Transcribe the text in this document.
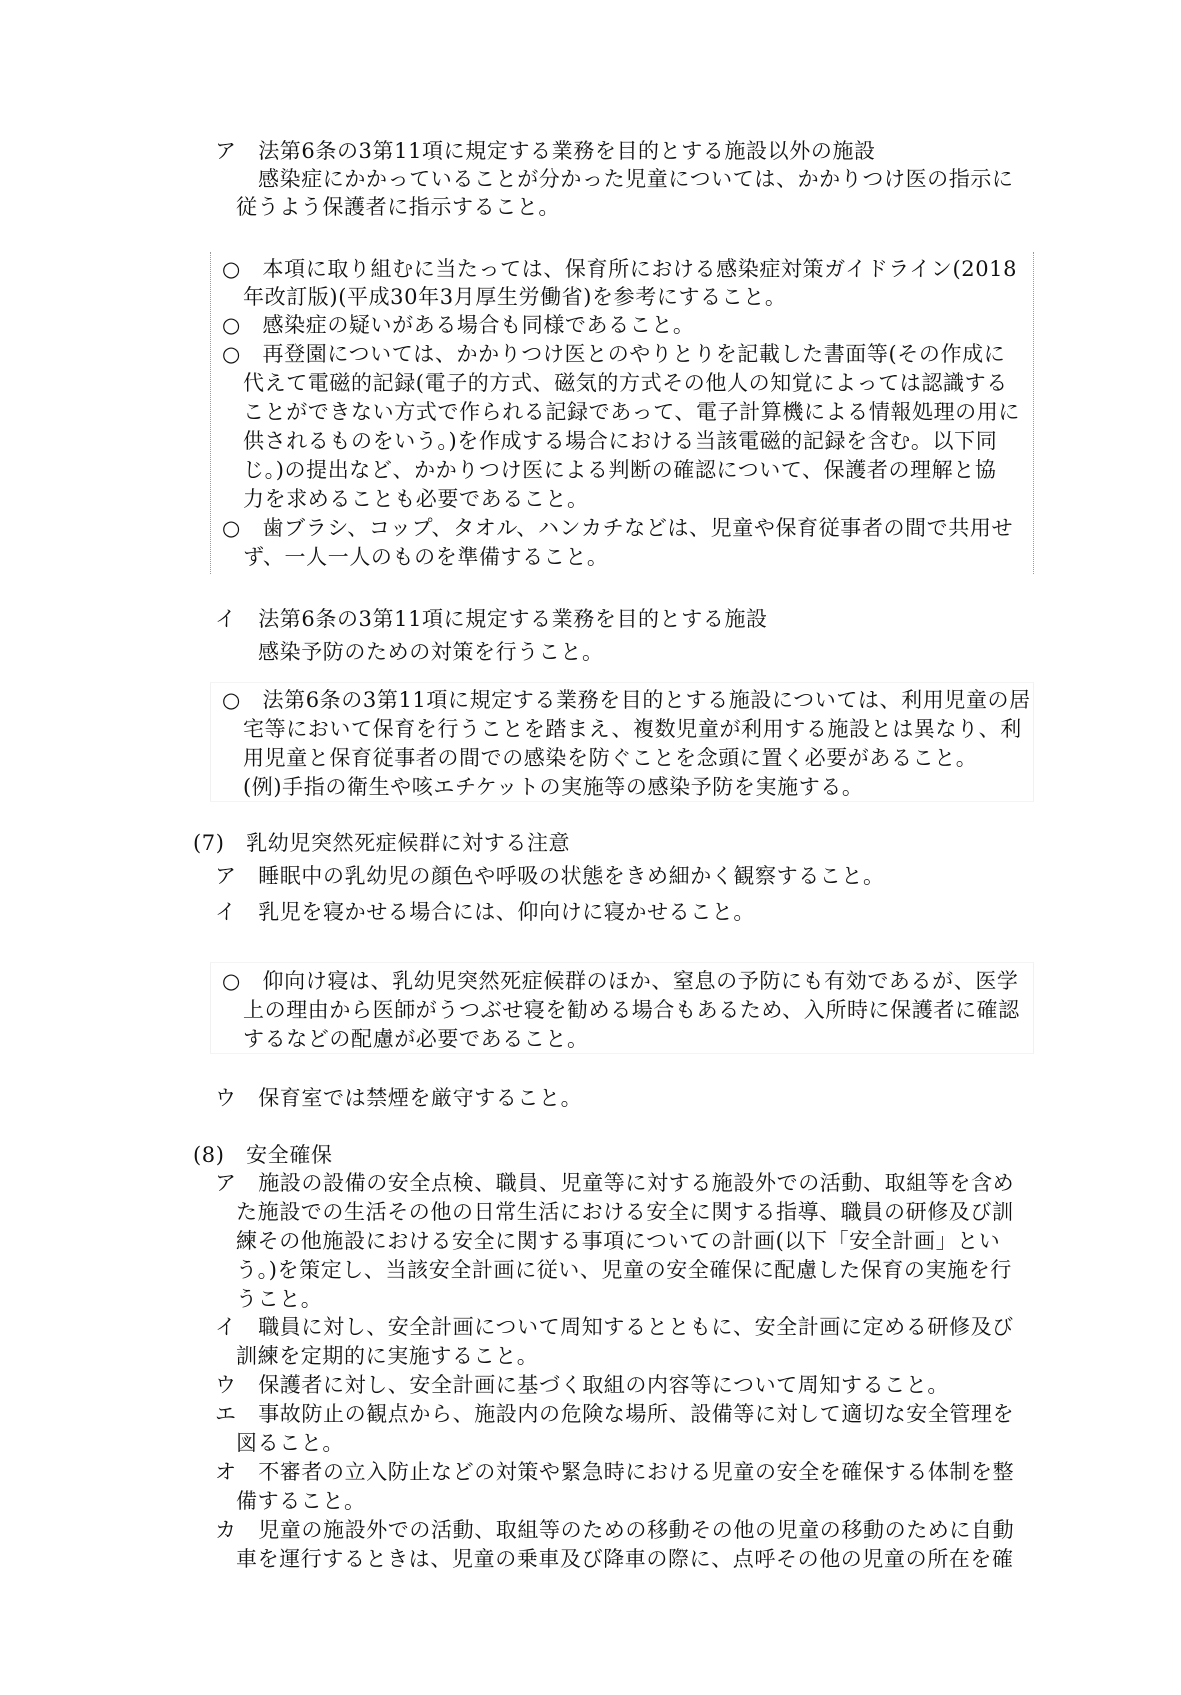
ア　法第6条の3第11項に規定する業務を目的とする施設以外の施設
感染症にかかっていることが分かった児童については、かかりつけ医の指示に
従うよう保護者に指示すること。
○　本項に取り組むに当たっては、保育所における感染症対策ガイドライン(2018
年改訂版)(平成30年3月厚生労働省)を参考にすること。
○　感染症の疑いがある場合も同様であること。
○　再登園については、かかりつけ医とのやりとりを記載した書面等(その作成に
代えて電磁的記録(電子的方式、磁気的方式その他人の知覚によっては認識する
ことができない方式で作られる記録であって、電子計算機による情報処理の用に
供されるものをいう。)を作成する場合における当該電磁的記録を含む。以下同
じ。)の提出など、かかりつけ医による判断の確認について、保護者の理解と協
力を求めることも必要であること。
○　歯ブラシ、コップ、タオル、ハンカチなどは、児童や保育従事者の間で共用せ
ず、一人一人のものを準備すること。
イ　法第6条の3第11項に規定する業務を目的とする施設
感染予防のための対策を行うこと。
○　法第6条の3第11項に規定する業務を目的とする施設については、利用児童の居
宅等において保育を行うことを踏まえ、複数児童が利用する施設とは異なり、利
用児童と保育従事者の間での感染を防ぐことを念頭に置く必要があること。
(例)手指の衛生や咳エチケットの実施等の感染予防を実施する。
(7)　乳幼児突然死症候群に対する注意
ア　睡眠中の乳幼児の顔色や呼吸の状態をきめ細かく観察すること。
イ　乳児を寝かせる場合には、仰向けに寝かせること。
○　仰向け寝は、乳幼児突然死症候群のほか、窒息の予防にも有効であるが、医学
上の理由から医師がうつぶせ寝を勧める場合もあるため、入所時に保護者に確認
するなどの配慮が必要であること。
ウ　保育室では禁煙を厳守すること。
(8)　安全確保
ア　施設の設備の安全点検、職員、児童等に対する施設外での活動、取組等を含め
た施設での生活その他の日常生活における安全に関する指導、職員の研修及び訓
練その他施設における安全に関する事項についての計画(以下「安全計画」とい
う。)を策定し、当該安全計画に従い、児童の安全確保に配慮した保育の実施を行
うこと。
イ　職員に対し、安全計画について周知するとともに、安全計画に定める研修及び
訓練を定期的に実施すること。
ウ　保護者に対し、安全計画に基づく取組の内容等について周知すること。
エ　事故防止の観点から、施設内の危険な場所、設備等に対して適切な安全管理を
図ること。
オ　不審者の立入防止などの対策や緊急時における児童の安全を確保する体制を整
備すること。
カ　児童の施設外での活動、取組等のための移動その他の児童の移動のために自動
車を運行するときは、児童の乗車及び降車の際に、点呼その他の児童の所在を確
